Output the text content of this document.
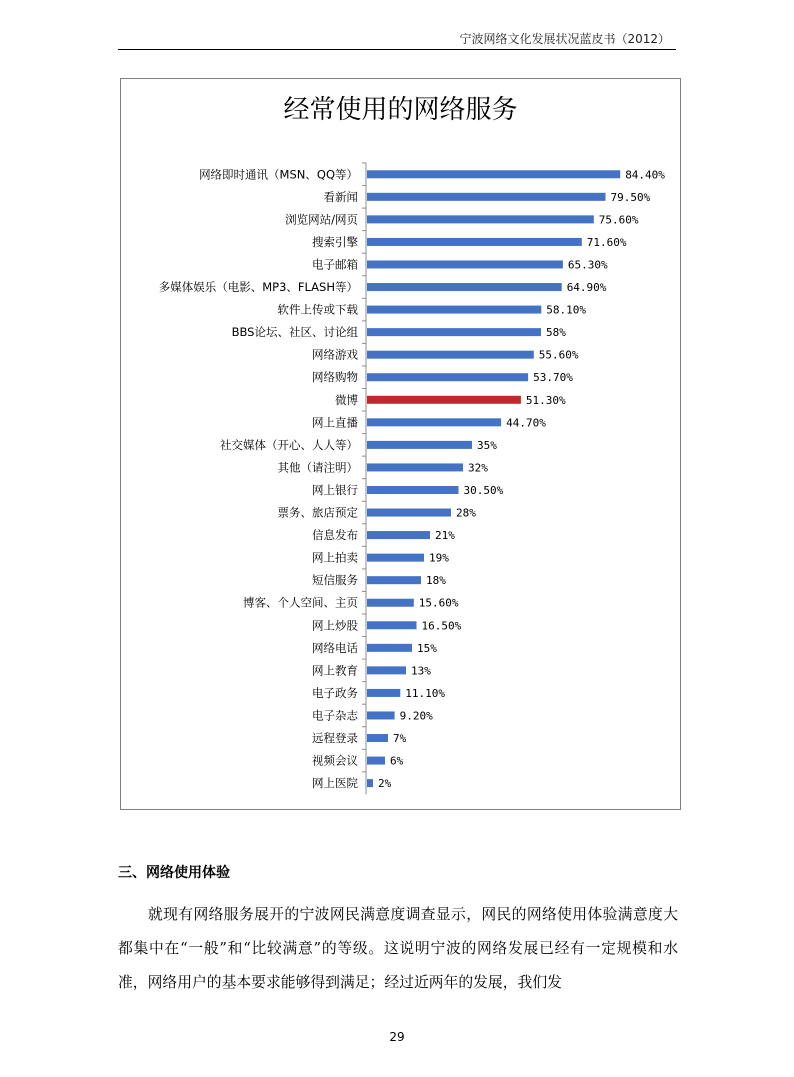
宁波网络文化发展状况蓝皮书（2012）
经常使用的网络服务
网络即时通讯（MSN、QQ等）	84.40%
看新闻	79.50%
浏览网站/网页	75.60%
搜索引擎	71.60%
电子邮箱	65.30%
多媒体娱乐（电影、MP3、FLASH等）	64.90%
软件上传或下载	58.10%
BBS论坛、社区、讨论组	58%
网络游戏	55.60%
网络购物	53.70%
微博	51.30%
网上直播	44.70%
社交媒体（开心、人人等）	35%
其他（请注明）	32%
网上银行	30.50%
票务、旅店预定	28%
信息发布	21%
网上拍卖	19%
短信服务	18%
博客、个人空间、主页	15.60%
网上炒股	16.50%
网络电话	15%
网上教育	13%
电子政务	11.10%
电子杂志	9.20%
远程登录	7%
视频会议	6%
网上医院 2%
三、网络使用体验

就现有网络服务展开的宁波网民满意度调查显示，网民的网络使用体验满意度大都集中在“一般”和“比较满意”的等级。这说明宁波的网络发展已经有一定规模和水准，网络用户的基本要求能够得到满足；经过近两年的发展，我们发

29
